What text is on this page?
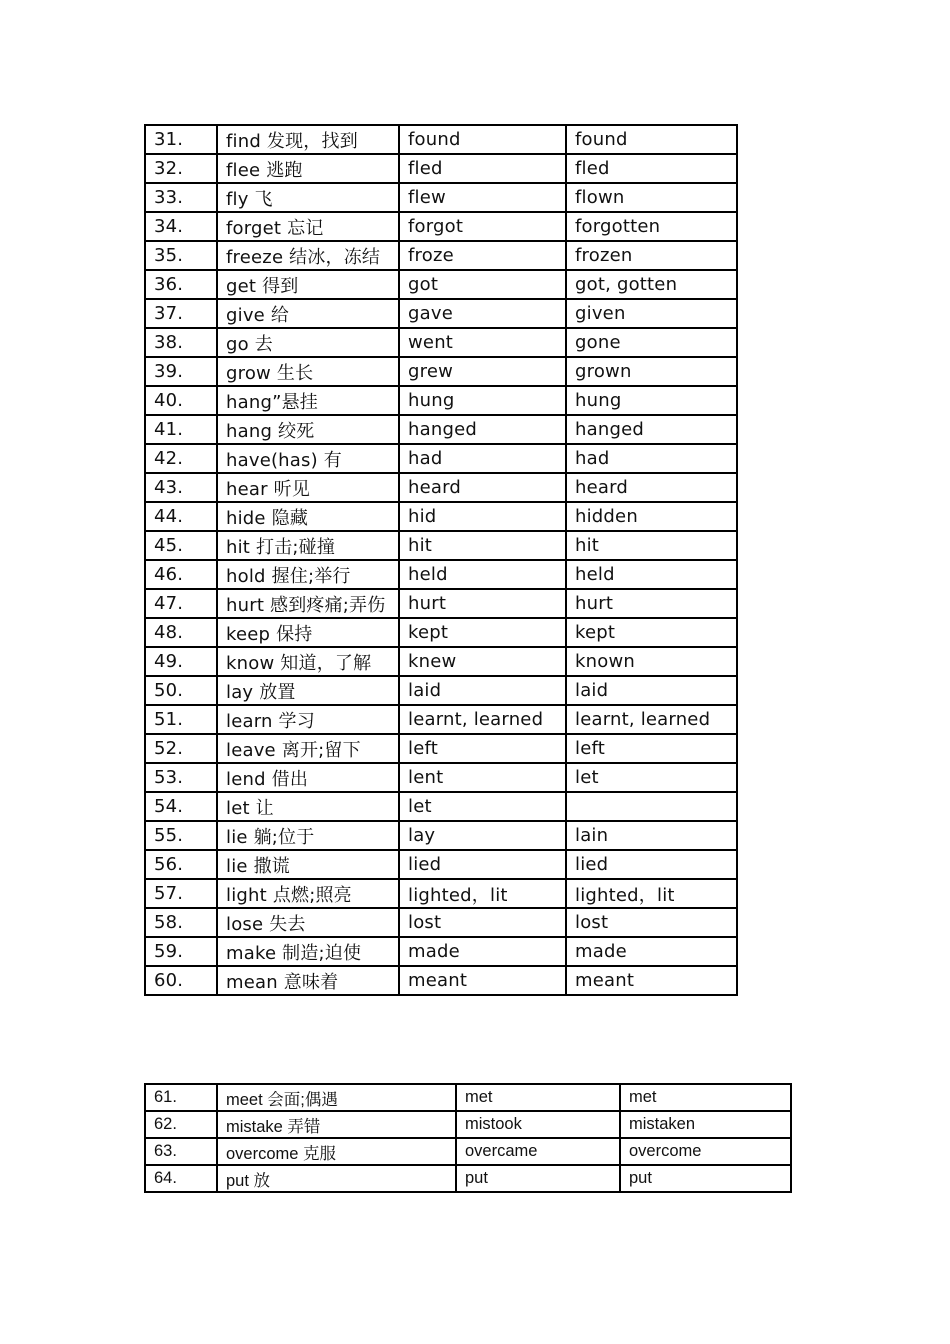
31.	find 发现，找到	found	found
32.	flee 逃跑	fled	fled
33.	fly 飞	flew	flown
34.	forget 忘记	forgot	forgotten
35.	freeze 结冰，冻结	froze	frozen
36.	get 得到	got	got, gotten
37.	give 给	gave	given
38.	go 去	went	gone
39.	grow 生长	grew	grown
40.	hang”悬挂	hung	hung
41.	hang 绞死	hanged	hanged
42.	have(has) 有	had	had
43.	hear 听见	heard	heard
44.	hide 隐藏	hid	hidden
45.	hit 打击;碰撞	hit	hit
46.	hold 握住;举行	held	held
47.	hurt 感到疼痛;弄伤	hurt	hurt
48.	keep 保持	kept	kept
49.	know 知道，了解	knew	known
50.	lay 放置	laid	laid
51.	learn 学习	learnt, learned	learnt, learned
52.	leave 离开;留下	left	left
53.	lend 借出	lent	let
54.	let 让	let	
55.	lie 躺;位于	lay	lain
56.	lie 撒谎	lied	lied
57.	light 点燃;照亮	lighted，lit	lighted，lit
58.	lose 失去	lost	lost
59.	make 制造;迫使	made	made
60.	mean 意味着	meant	meant
61.	meet 会面;偶遇	met	met
62.	mistake 弄错	mistook	mistaken
63.	overcome 克服	overcame	overcome
64.	put 放	put	put
